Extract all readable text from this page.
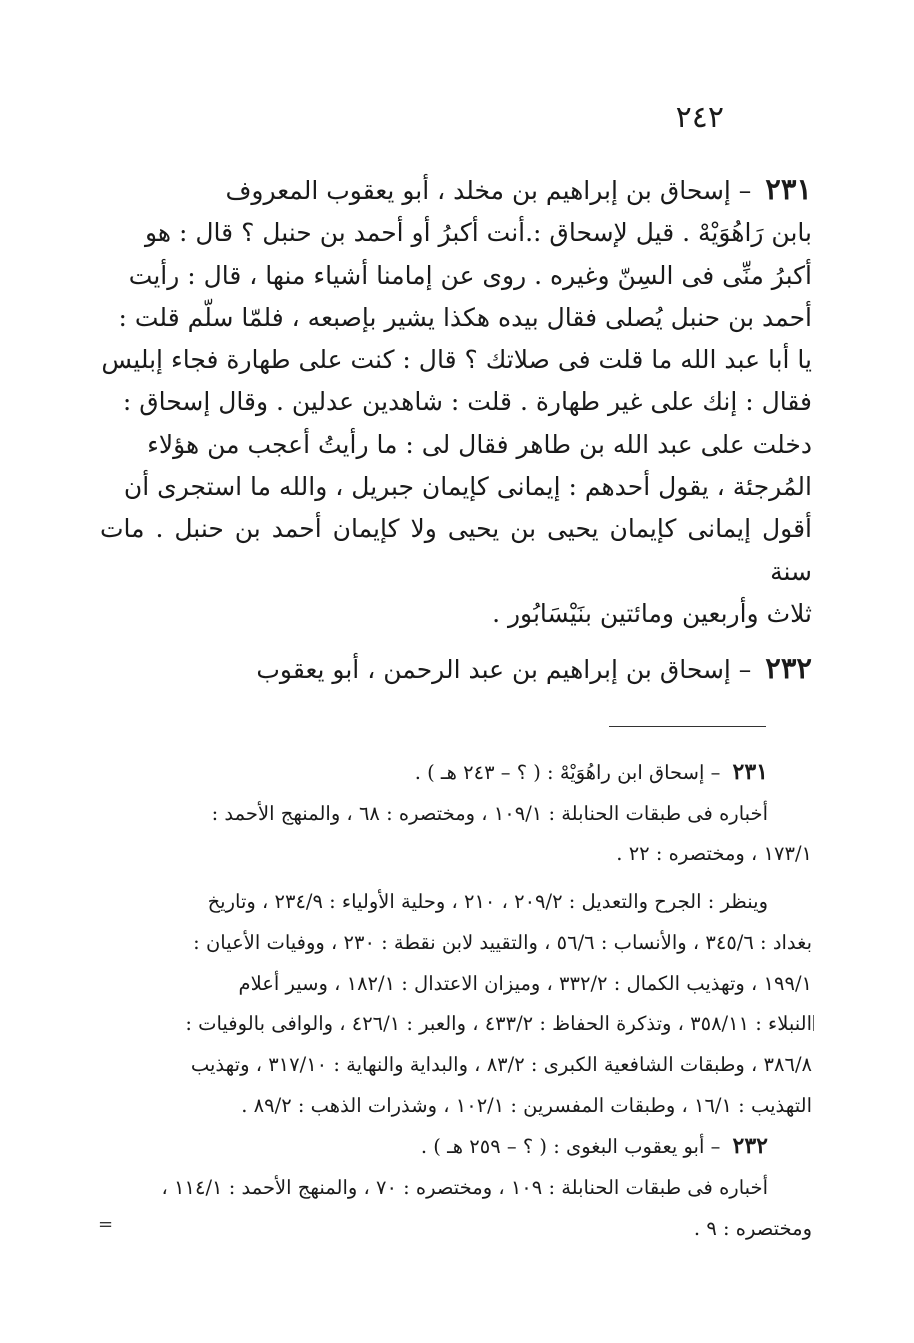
٢٤٢

٢٣١ – إسحاق بن إبراهيم بن مخلد ، أبو يعقوب المعروف

بابن رَاهُوَيْهْ . قيل لإسحاق :.أنت أكبرُ أو أحمد بن حنبل ؟ قال : هو

أكبرُ منِّى فى السِنّ وغيره . روى عن إمامنا أشياء منها ، قال : رأيت

أحمد بن حنبل يُصلى فقال بيده هكذا يشير بإصبعه ، فلمّا سلّم قلت :

يا أبا عبد الله ما قلت فى صلاتك ؟ قال : كنت على طهارة فجاء إبليس

فقال : إنك على غير طهارة . قلت : شاهدين عدلين . وقال إسحاق :

دخلت على عبد الله بن طاهر فقال لى : ما رأيتُ أعجب من هؤلاء

المُرجئة ، يقول أحدهم : إيمانى كإيمان جبريل ، والله ما استجرى أن

أقول إيمانى كإيمان يحيى بن يحيى ولا كإيمان أحمد بن حنبل . مات سنة

ثلاث وأربعين ومائتين بنَيْسَابُور .

٢٣٢ – إسحاق بن إبراهيم بن عبد الرحمن ، أبو يعقوب

٢٣١ – إسحاق ابن راهُوَيْهْ : ( ؟ – ٢٤٣ هـ ) .

أخباره فى طبقات الحنابلة : ١٠٩/١ ، ومختصره : ٦٨ ، والمنهج الأحمد :

١٧٣/١ ، ومختصره : ٢٢ .

وينظر : الجرح والتعديل : ٢٠٩/٢ ، ٢١٠ ، وحلية الأولياء : ٢٣٤/٩ ، وتاريخ

بغداد : ٣٤٥/٦ ، والأنساب : ٥٦/٦ ، والتقييد لابن نقطة : ٢٣٠ ، ووفيات الأعيان :

١٩٩/١ ، وتهذيب الكمال : ٣٣٢/٢ ، وميزان الاعتدال : ١٨٢/١ ، وسير أعلام

النبلاء : ٣٥٨/١١ ، وتذكرة الحفاظ : ٤٣٣/٢ ، والعبر : ٤٢٦/١ ، والوافى بالوفيات :

٣٨٦/٨ ، وطبقات الشافعية الكبرى : ٨٣/٢ ، والبداية والنهاية : ٣١٧/١٠ ، وتهذيب

التهذيب : ١٦/١ ، وطبقات المفسرين : ١٠٢/١ ، وشذرات الذهب : ٨٩/٢ .

٢٣٢ – أبو يعقوب البغوى : ( ؟ – ٢٥٩ هـ ) .

أخباره فى طبقات الحنابلة : ١٠٩ ، ومختصره : ٧٠ ، والمنهج الأحمد : ١١٤/١ ،

ومختصره : ٩ .

=
